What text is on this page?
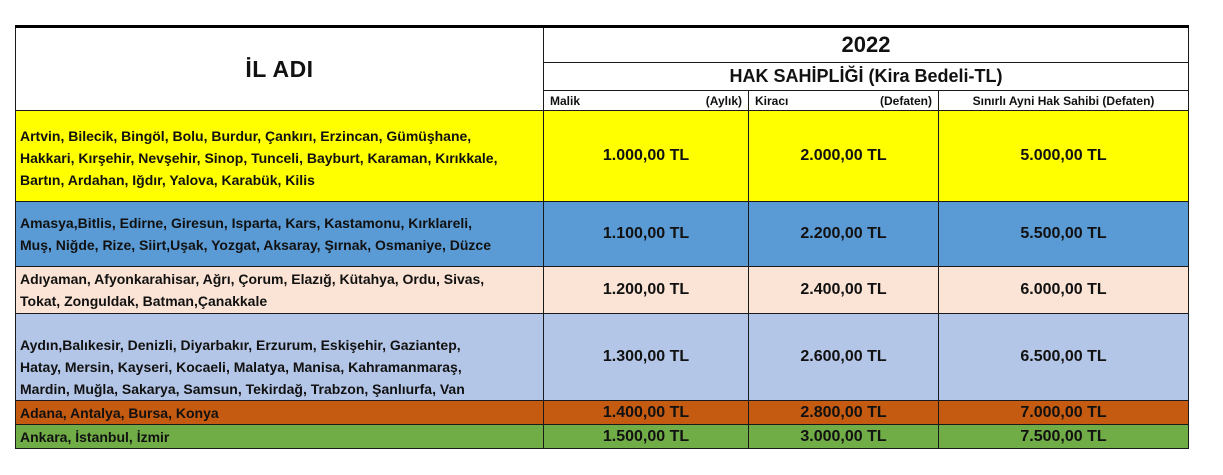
İL ADI	2022		
	HAK SAHİPLİĞİ (Kira Bedeli-TL)		

	Malik (Aylık)	Kiracı (Defaten)	Sınırlı Ayni Hak Sahibi (Defaten)

Artvin, Bilecik, Bingöl, Bolu, Burdur, Çankırı, Erzincan, Gümüşhane,
Hakkari, Kırşehir, Nevşehir, Sinop, Tunceli, Bayburt, Karaman, Kırıkkale,
Bartın, Ardahan, Iğdır, Yalova, Karabük, Kilis	1.000,00 TL	2.000,00 TL	5.000,00 TL

Amasya,Bitlis, Edirne, Giresun, Isparta, Kars, Kastamonu, Kırklareli,
Muş, Niğde, Rize, Siirt,Uşak, Yozgat, Aksaray, Şırnak, Osmaniye, Düzce	1.100,00 TL	2.200,00 TL	5.500,00 TL

Adıyaman, Afyonkarahisar, Ağrı, Çorum, Elazığ, Kütahya, Ordu, Sivas,
Tokat, Zonguldak, Batman,Çanakkale	1.200,00 TL	2.400,00 TL	6.000,00 TL

Aydın,Balıkesir, Denizli, Diyarbakır, Erzurum, Eskişehir, Gaziantep,
Hatay, Mersin, Kayseri, Kocaeli, Malatya, Manisa, Kahramanmaraş,
Mardin, Muğla, Sakarya, Samsun, Tekirdağ, Trabzon, Şanlıurfa, Van	1.300,00 TL	2.600,00 TL	6.500,00 TL

Adana, Antalya, Bursa, Konya	1.400,00 TL	2.800,00 TL	7.000,00 TL

Ankara, İstanbul, İzmir	1.500,00 TL	3.000,00 TL	7.500,00 TL
